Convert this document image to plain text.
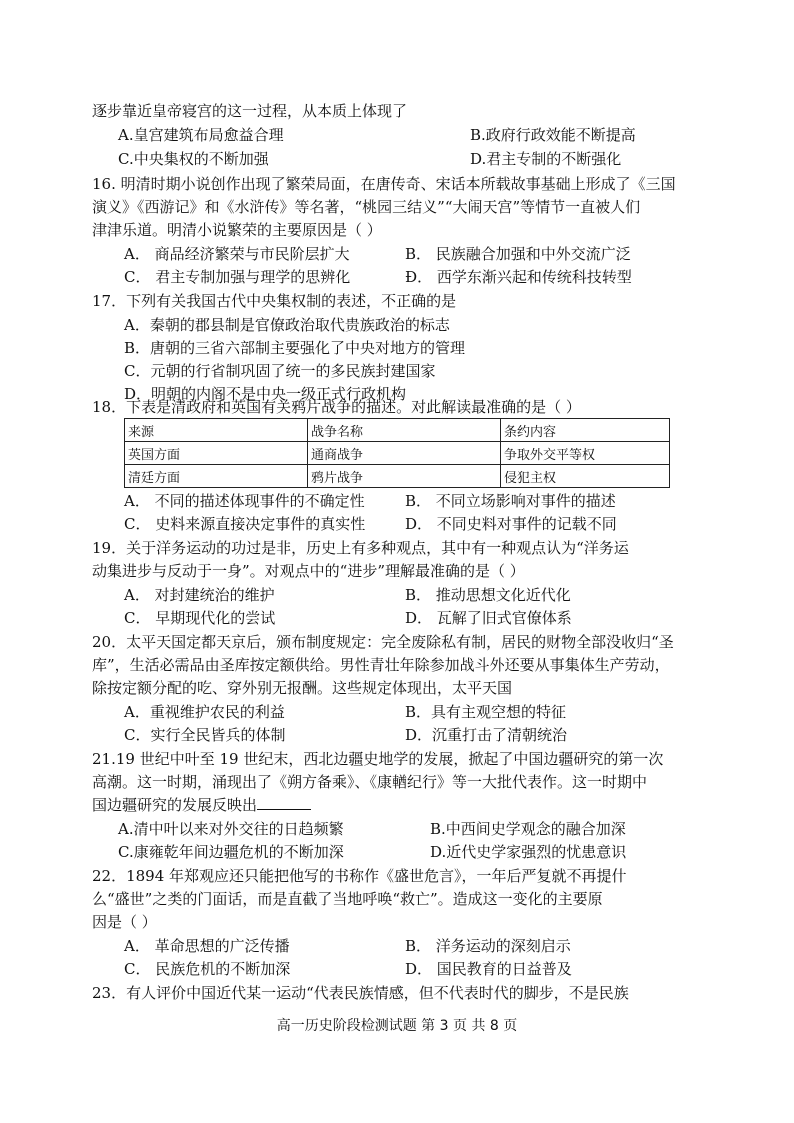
逐步靠近皇帝寝宫的这一过程，从本质上体现了
A.皇宫建筑布局愈益合理	B.政府行政效能不断提高
C.中央集权的不断加强	D.君主专制的不断强化
16. 明清时期小说创作出现了繁荣局面，在唐传奇、宋话本所载故事基础上形成了《三国
演义》《西游记》和《水浒传》等名著，“桃园三结义”“大闹天宫”等情节一直被人们
津津乐道。明清小说繁荣的主要原因是（ ）
A． 商品经济繁荣与市民阶层扩大	B． 民族融合加强和中外交流广泛
C． 君主专制加强与理学的思辨化	Đ． 西学东渐兴起和传统科技转型
17．下列有关我国古代中央集权制的表述，不正确的是
A．秦朝的郡县制是官僚政治取代贵族政治的标志
B．唐朝的三省六部制主要强化了中央对地方的管理
C．元朝的行省制巩固了统一的多民族封建国家
D．明朝的内阁不是中央一级正式行政机构
18．下表是清政府和英国有关鸦片战争的描述。对此解读最准确的是（ ）
来源	战争名称	条约内容
英国方面	通商战争	争取外交平等权
清廷方面	鸦片战争	侵犯主权
A． 不同的描述体现事件的不确定性	B． 不同立场影响对事件的描述
C． 史料来源直接决定事件的真实性	D． 不同史料对事件的记载不同
19．关于洋务运动的功过是非，历史上有多种观点，其中有一种观点认为“洋务运
动集进步与反动于一身”。对观点中的“进步”理解最准确的是（ ）
A． 对封建统治的维护	B． 推动思想文化近代化
C． 早期现代化的尝试	D． 瓦解了旧式官僚体系
20．太平天国定都天京后，颁布制度规定：完全废除私有制，居民的财物全部没收归“圣
库”，生活必需品由圣库按定额供给。男性青壮年除参加战斗外还要从事集体生产劳动，
除按定额分配的吃、穿外别无报酬。这些规定体现出，太平天国
A．重视维护农民的利益	B．具有主观空想的特征
C．实行全民皆兵的体制	D．沉重打击了清朝统治
21.19 世纪中叶至 19 世纪末，西北边疆史地学的发展，掀起了中国边疆研究的第一次
高潮。这一时期，涌现出了《朔方备乘》、《康輶纪行》等一大批代表作。这一时期中
国边疆研究的发展反映出
A.清中叶以来对外交往的日趋频繁	B.中西间史学观念的融合加深
C.康雍乾年间边疆危机的不断加深	D.近代史学家强烈的忧患意识
22．1894 年郑观应还只能把他写的书称作《盛世危言》，一年后严复就不再提什
么“盛世”之类的门面话，而是直截了当地呼唤“救亡”。造成这一变化的主要原
因是（ ）
A． 革命思想的广泛传播	B． 洋务运动的深刻启示
C． 民族危机的不断加深	D． 国民教育的日益普及
23．有人评价中国近代某一运动“代表民族情感，但不代表时代的脚步，不是民族
高一历史阶段检测试题 第 3 页 共 8 页
